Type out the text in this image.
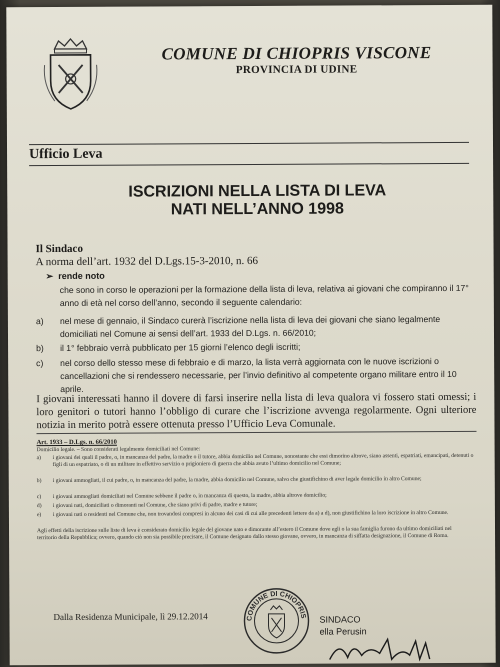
COMUNE DI CHIOPRIS VISCONE
PROVINCIA DI UDINE
Ufficio Leva
ISCRIZIONI NELLA LISTA DI LEVA
NATI NELL’ANNO 1998
Il Sindaco
A norma dell’art. 1932 del D.Lgs.15-3-2010, n. 66
➢ rende noto
che sono in corso le operazioni per la formazione della lista di leva, relativa ai giovani che compiranno il 17° anno di età nel corso dell’anno, secondo il seguente calendario:
a)	nel mese di gennaio, il Sindaco curerà l’iscrizione nella lista di leva dei giovani che siano legalmente domiciliati nel Comune ai sensi dell’art. 1933 del D.Lgs. n. 66/2010;
b)	il 1° febbraio verrà pubblicato per 15 giorni l’elenco degli iscritti;
c)	nel corso dello stesso mese di febbraio e di marzo, la lista verrà aggiornata con le nuove iscrizioni o cancellazioni che si rendessero necessarie, per l’invio definitivo al competente organo militare entro il 10 aprile.
I giovani interessati hanno il dovere di farsi inserire nella lista di leva qualora vi fossero stati omessi; i loro genitori o tutori hanno l’obbligo di curare che l’iscrizione avvenga regolarmente. Ogni ulteriore notizia in merito potrà essere ottenuta presso l’Ufficio Leva Comunale.
Art. 1933 – D.Lgs. n. 66/2010
Domicilio legale. – Sono considerati legalmente domiciliati nel Comune:
a)	i giovani dei quali il padre, o, in mancanza del padre, la madre o il tutore, abbia domicilio nel Comune, nonostante che essi dimorino altrove, siano assenti, espatriati, emancipati, detenuti o figli di un espatriato, o di un militare in effettivo servizio o prigioniero di guerra che abbia avuto l’ultimo domicilio nel Comune;
b)	i giovani ammogliati, il cui padre, o, in mancanza del padre, la madre, abbia domicilio nel Comune, salvo che giustifichino di aver legale domicilio in altro Comune;
c)	i giovani ammogliati domiciliati nel Comune sebbene il padre o, in mancanza di questo, la madre, abbia altrove domicilio;
d)	i giovani nati, domiciliati o dimoranti nel Comune, che siano privi di padre, madre e tutore;
e)	i giovani nati o residenti nel Comune che, non trovandosi compresi in alcuno dei casi di cui alle precedenti lettere da a) a d), non giustifichino la loro iscrizione in altro Comune.
Agli effetti della iscrizione sulle liste di leva è considerato domicilio legale del giovane nato e dimorante all’estero il Comune dove egli o la sua famiglia furono da ultimo domiciliati nel territorio della Repubblica; ovvero, quando ciò non sia possibile precisare, il Comune designato dallo stesso giovane, ovvero, in mancanza di siffatta designazione, il Comune di Roma.
Dalla Residenza Municipale, lì 29.12.2014	COMUNE DI CHIOPRIS SINDACO
ella Perusin
